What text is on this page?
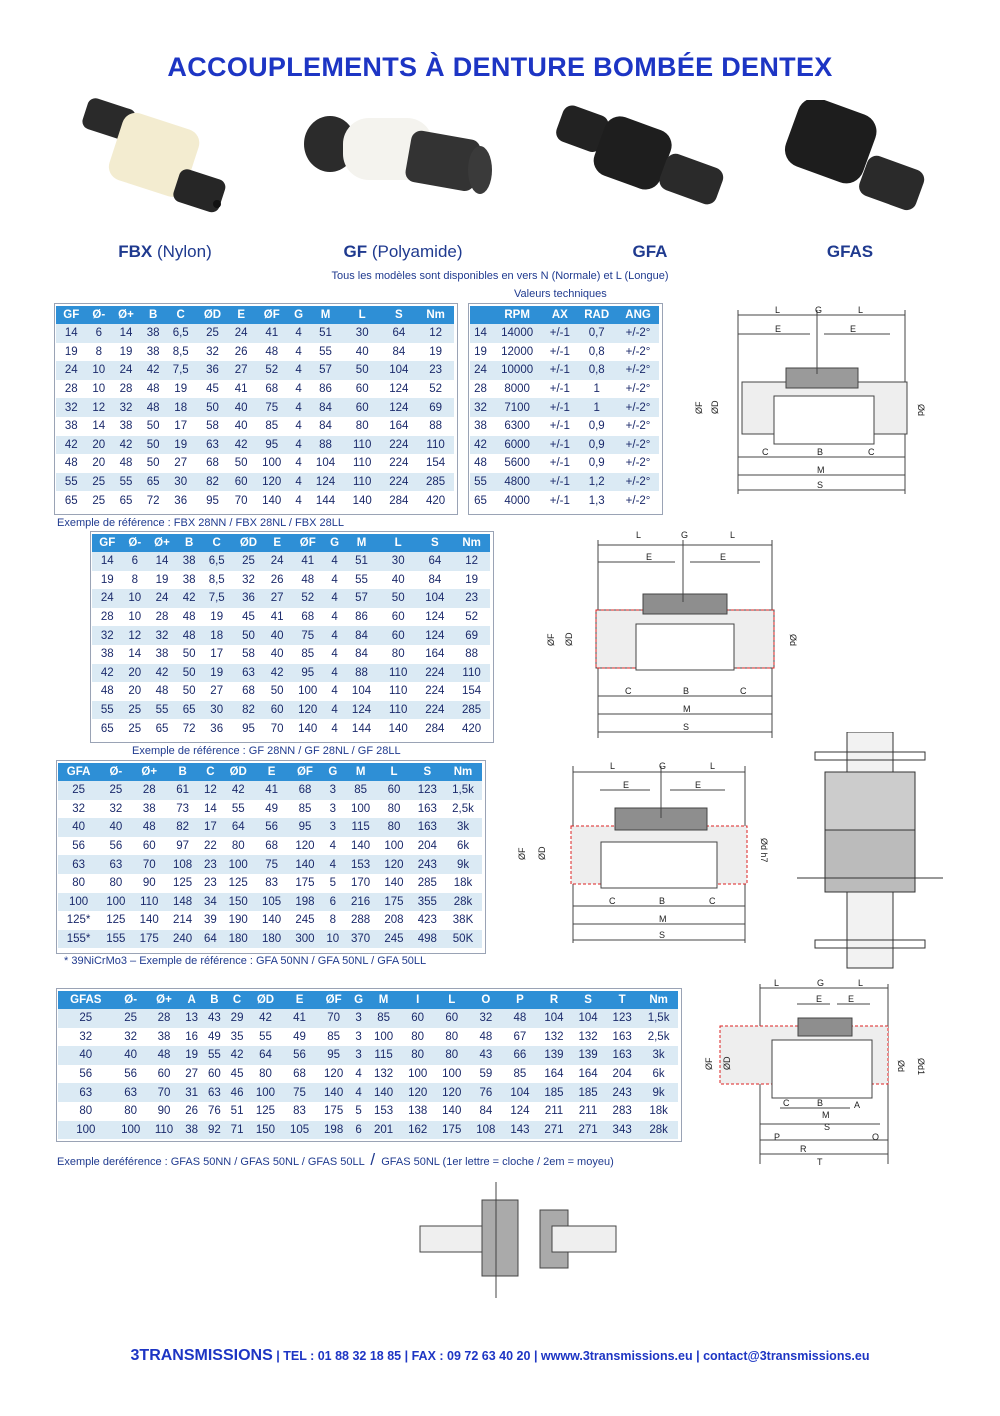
ACCOUPLEMENTS À DENTURE BOMBÉE DENTEX
FBX (Nylon)	GF (Polyamide)	GFA	GFAS
Tous les modèles sont disponibles en vers N (Normale) et L (Longue)
Valeurs techniques
GF	Ø-	Ø+	B	C	ØD	E	ØF	G	M	L	S	Nm
14	6	14	38	6,5	25	24	41	4	51	30	64	12
19	8	19	38	8,5	32	26	48	4	55	40	84	19
24	10	24	42	7,5	36	27	52	4	57	50	104	23
28	10	28	48	19	45	41	68	4	86	60	124	52
32	12	32	48	18	50	40	75	4	84	60	124	69
38	14	38	50	17	58	40	85	4	84	80	164	88
42	20	42	50	19	63	42	95	4	88	110	224	110
48	20	48	50	27	68	50	100	4	104	110	224	154
55	25	55	65	30	82	60	120	4	124	110	224	285
65	25	65	72	36	95	70	140	4	144	140	284	420
	RPM	AX	RAD	ANG
14	14000	+/-1	0,7	+/-2°
19	12000	+/-1	0,8	+/-2°
24	10000	+/-1	0,8	+/-2°
28	8000	+/-1	1	+/-2°
32	7100	+/-1	1	+/-2°
38	6300	+/-1	0,9	+/-2°
42	6000	+/-1	0,9	+/-2°
48	5600	+/-1	0,9	+/-2°
55	4800	+/-1	1,2	+/-2°
65	4000	+/-1	1,3	+/-2°
Exemple de référence : FBX 28NN / FBX 28NL / FBX 28LL
GF	Ø-	Ø+	B	C	ØD	E	ØF	G	M	L	S	Nm
14	6	14	38	6,5	25	24	41	4	51	30	64	12
19	8	19	38	8,5	32	26	48	4	55	40	84	19
24	10	24	42	7,5	36	27	52	4	57	50	104	23
28	10	28	48	19	45	41	68	4	86	60	124	52
32	12	32	48	18	50	40	75	4	84	60	124	69
38	14	38	50	17	58	40	85	4	84	80	164	88
42	20	42	50	19	63	42	95	4	88	110	224	110
48	20	48	50	27	68	50	100	4	104	110	224	154
55	25	55	65	30	82	60	120	4	124	110	224	285
65	25	65	72	36	95	70	140	4	144	140	284	420
Exemple de référence : GF 28NN / GF 28NL / GF 28LL
GFA	Ø-	Ø+	B	C	ØD	E	ØF	G	M	L	S	Nm
25	25	28	61	12	42	41	68	3	85	60	123	1,5k
32	32	38	73	14	55	49	85	3	100	80	163	2,5k
40	40	48	82	17	64	56	95	3	115	80	163	3k
56	56	60	97	22	80	68	120	4	140	100	204	6k
63	63	70	108	23	100	75	140	4	153	120	243	9k
80	80	90	125	23	125	83	175	5	170	140	285	18k
100	100	110	148	34	150	105	198	6	216	175	355	28k
125*	125	140	214	39	190	140	245	8	288	208	423	38K
155*	155	175	240	64	180	180	300	10	370	245	498	50K
* 39NiCrMo3 – Exemple de référence : GFA 50NN / GFA 50NL / GFA 50LL
GFAS	Ø-	Ø+	A	B	C	ØD	E	ØF	G	M	I	L	O	P	R	S	T	Nm
25	25	28	13	43	29	42	41	70	3	85	60	60	32	48	104	104	123	1,5k
32	32	38	16	49	35	55	49	85	3	100	80	80	48	67	132	132	163	2,5k
40	40	48	19	55	42	64	56	95	3	115	80	80	43	66	139	139	163	3k
56	56	60	27	60	45	80	68	120	4	132	100	100	59	85	164	164	204	6k
63	63	70	31	63	46	100	75	140	4	140	120	120	76	104	185	185	243	9k
80	80	90	26	76	51	125	83	175	5	153	138	140	84	124	211	211	283	18k
100	100	110	38	92	71	150	105	198	6	201	162	175	108	143	271	271	343	28k
Exemple deréférence : GFAS 50NN / GFAS 50NL / GFAS 50LL / GFAS 50NL (1er lettre = cloche / 2em = moyeu)
L	G	L
E	E
C	B	C
M
S
ØF ØD	Ød
L	G	L
E	E
C	B	C
M
S
ØF ØD	Ød
L	G	L
E	E
C	B	C
M
S
ØF ØD	Ød h7
L	G	L
E	E
ØF ØD	Ød Ød1
C	B	A
M
S
P	O
R
T
3TRANSMISSIONS | TEL : 01 88 32 18 85 | FAX : 09 72 63 40 20 | wwww.3transmissions.eu | contact@3transmissions.eu
